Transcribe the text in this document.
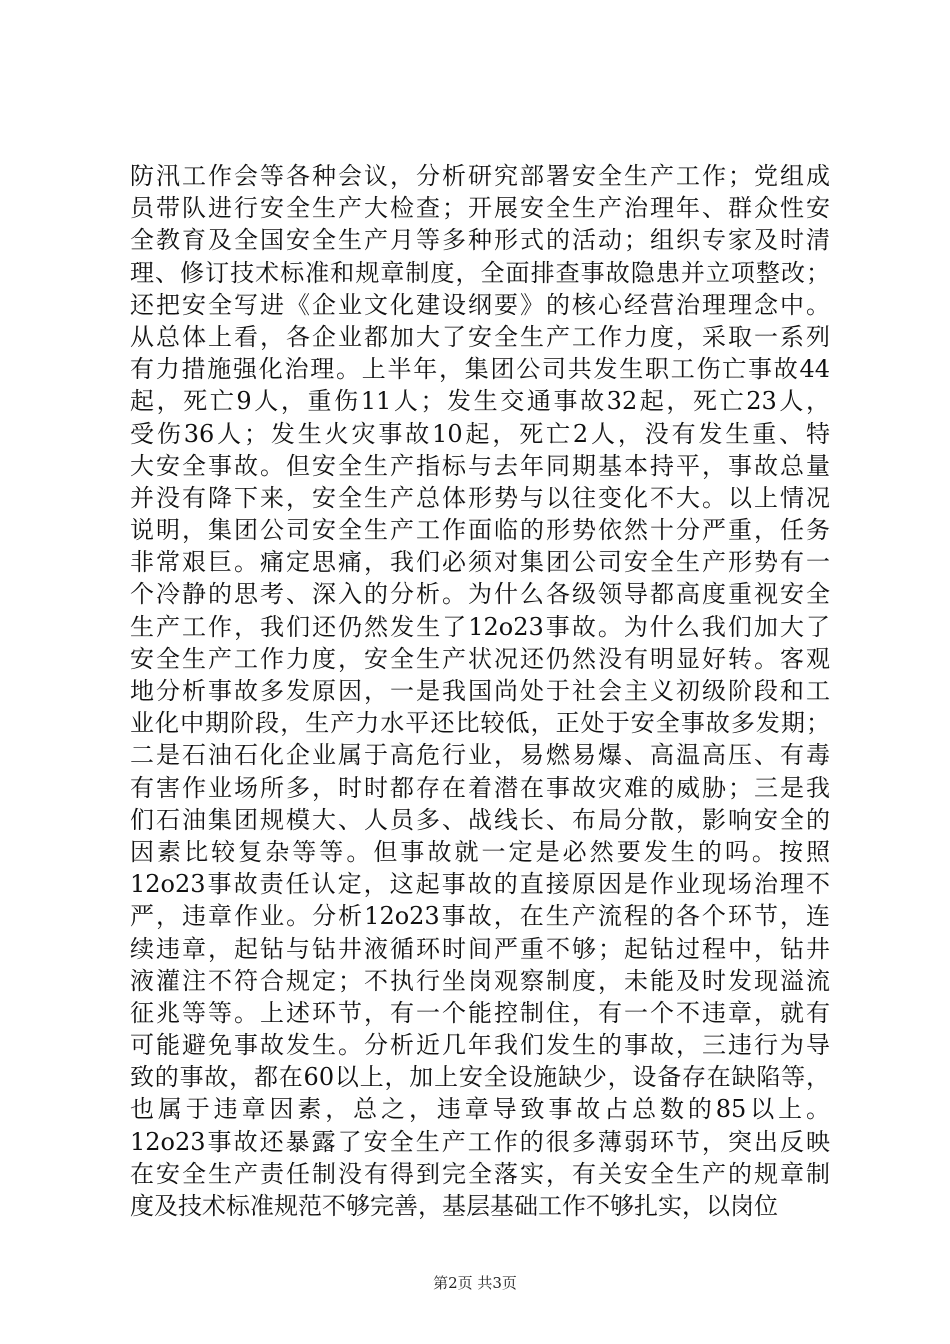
防汛工作会等各种会议，分析研究部署安全生产工作；党组成
员带队进行安全生产大检查；开展安全生产治理年、群众性安
全教育及全国安全生产月等多种形式的活动；组织专家及时清
理、修订技术标准和规章制度，全面排查事故隐患并立项整改；
还把安全写进《企业文化建设纲要》的核心经营治理理念中。
从总体上看，各企业都加大了安全生产工作力度，采取一系列
有力措施强化治理。上半年，集团公司共发生职工伤亡事故44
起，死亡9人，重伤11人；发生交通事故32起，死亡23人，
受伤36人；发生火灾事故10起，死亡2人，没有发生重、特
大安全事故。但安全生产指标与去年同期基本持平，事故总量
并没有降下来，安全生产总体形势与以往变化不大。以上情况
说明，集团公司安全生产工作面临的形势依然十分严重，任务
非常艰巨。痛定思痛，我们必须对集团公司安全生产形势有一
个冷静的思考、深入的分析。为什么各级领导都高度重视安全
生产工作，我们还仍然发生了12o23事故。为什么我们加大了
安全生产工作力度，安全生产状况还仍然没有明显好转。客观
地分析事故多发原因，一是我国尚处于社会主义初级阶段和工
业化中期阶段，生产力水平还比较低，正处于安全事故多发期；
二是石油石化企业属于高危行业，易燃易爆、高温高压、有毒
有害作业场所多，时时都存在着潜在事故灾难的威胁；三是我
们石油集团规模大、人员多、战线长、布局分散，影响安全的
因素比较复杂等等。但事故就一定是必然要发生的吗。按照
12o23事故责任认定，这起事故的直接原因是作业现场治理不
严，违章作业。分析12o23事故，在生产流程的各个环节，连
续违章，起钻与钻井液循环时间严重不够；起钻过程中，钻井
液灌注不符合规定；不执行坐岗观察制度，未能及时发现溢流
征兆等等。上述环节，有一个能控制住，有一个不违章，就有
可能避免事故发生。分析近几年我们发生的事故，三违行为导
致的事故，都在60以上，加上安全设施缺少，设备存在缺陷等，
也属于违章因素，总之，违章导致事故占总数的85以上。
12o23事故还暴露了安全生产工作的很多薄弱环节，突出反映
在安全生产责任制没有得到完全落实，有关安全生产的规章制
度及技术标准规范不够完善，基层基础工作不够扎实，以岗位
第2页 共3页
